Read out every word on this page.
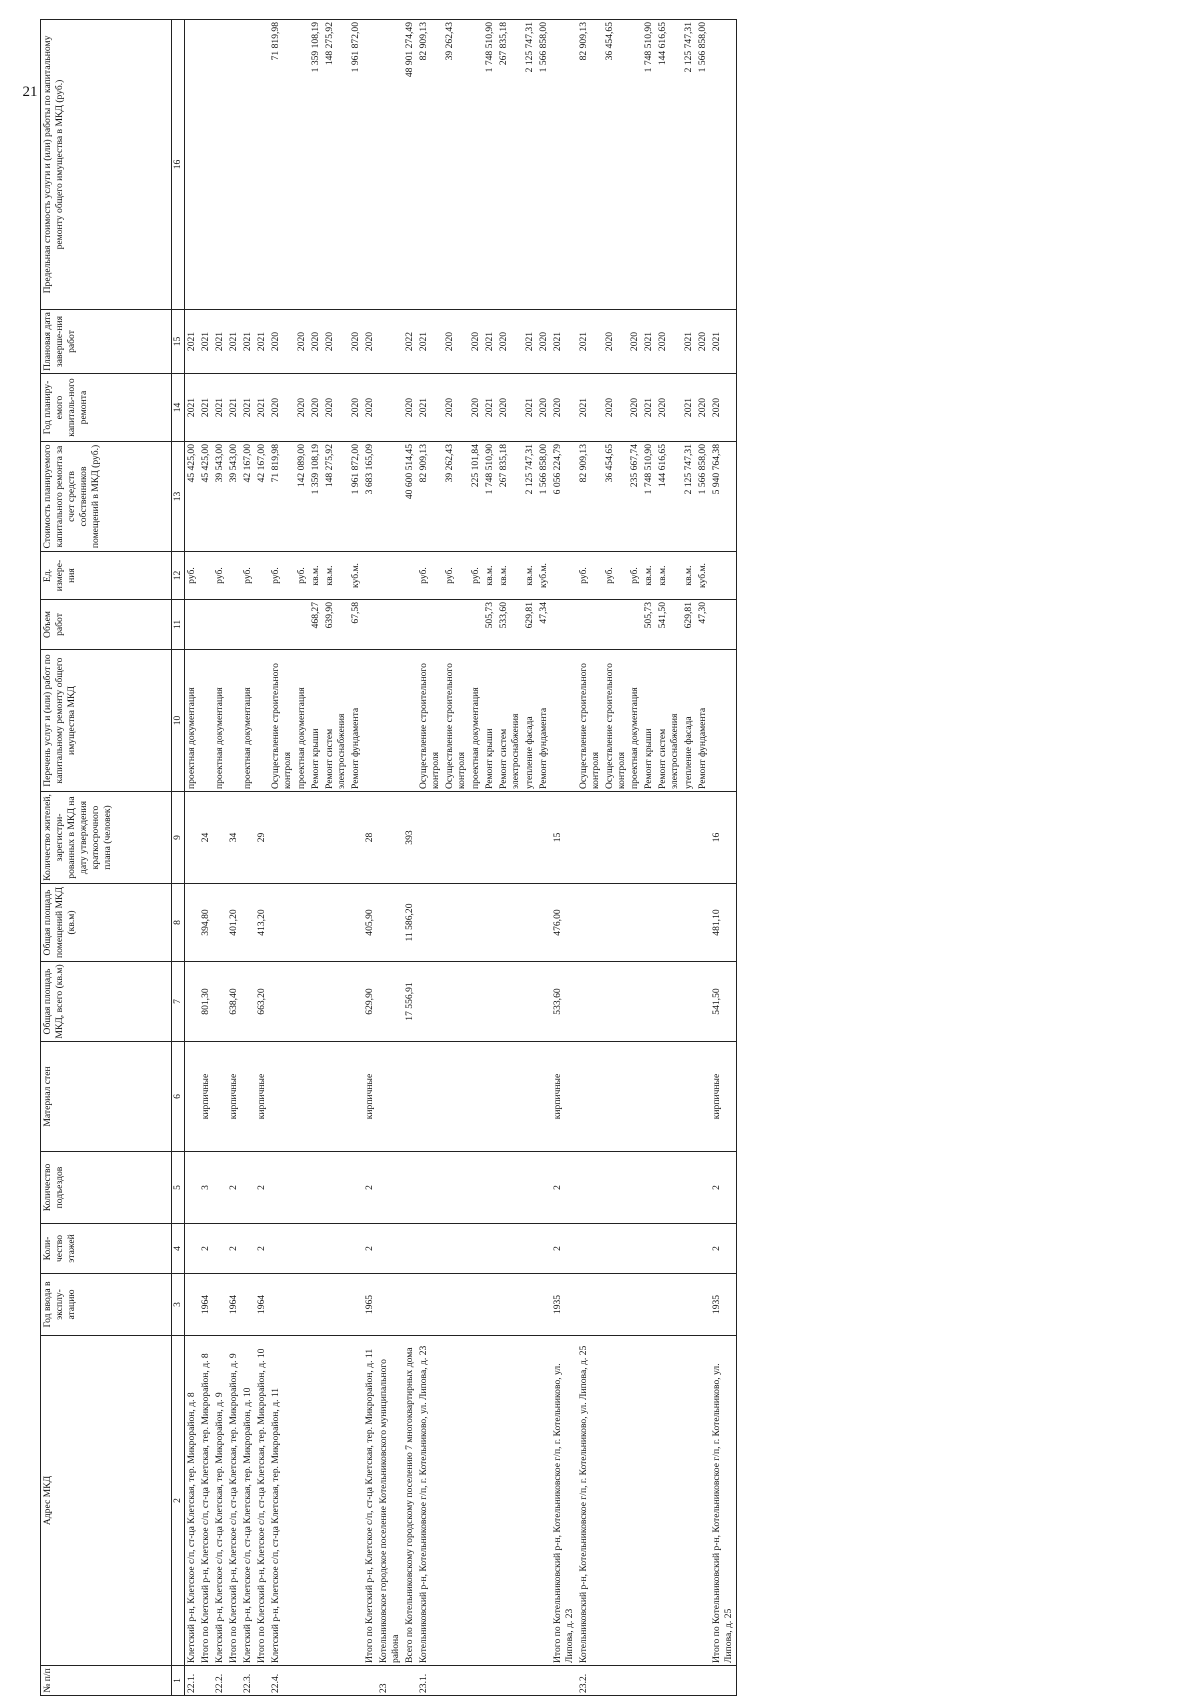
21
№ п/п	Адрес МКД	Год ввода в эксплу-атацию	Коли-чество этажей	Количество подъездов	Материал стен	Общая площадь МКД, всего (кв.м)	Общая площадь помещений МКД (кв.м)	Количество жителей, зарегистри-рованных в МКД на дату утверждения краткосрочного плана (человек)	Перечень услуг и (или) работ по капитальному ремонту общего имущества МКД	Объем работ	Ед. измере-ния	Стоимость планируемого капитального ремонта за счет средств собственников помещений в МКД (руб.)	Год планиру-емого капиталь-ного ремонта	Плановая дата заверше-ния работ	Предельная стоимость услуги и (или) работы по капитальному ремонту общего имущества в МКД (руб.)
1	2	3	4	5	6	7	8	9	10	11	12	13	14	15	16
22.1.	Клетский р-н, Клетское с/п, ст-ца Клетская, тер. Микрорайон, д. 8								проектная документация		руб.	45 425,00	2021	2021	
	Итого по Клетский р-н, Клетское с/п, ст-ца Клетская, тер. Микрорайон, д. 8	1964	2	3	кирпичные	801,30	394,80	24				45 425,00	2021	2021	
22.2.	Клетский р-н, Клетское с/п, ст-ца Клетская, тер. Микрорайон, д. 9								проектная документация		руб.	39 543,00	2021	2021	
	Итого по Клетский р-н, Клетское с/п, ст-ца Клетская, тер. Микрорайон, д. 9	1964	2	2	кирпичные	638,40	401,20	34				39 543,00	2021	2021	
22.3.	Клетский р-н, Клетское с/п, ст-ца Клетская, тер. Микрорайон, д. 10								проектная документация		руб.	42 167,00	2021	2021	
	Итого по Клетский р-н, Клетское с/п, ст-ца Клетская, тер. Микрорайон, д. 10	1964	2	2	кирпичные	663,20	413,20	29				42 167,00	2021	2021	
22.4.	Клетский р-н, Клетское с/п, ст-ца Клетская, тер. Микрорайон, д. 11								Осуществление строительного контроля		руб.	71 819,98	2020	2020	71 819,98
									проектная документация		руб.	142 089,00	2020	2020	
									Ремонт крыши	468,27	кв.м.	1 359 108,19	2020	2020	1 359 108,19
									Ремонт систем электроснабжения	639,90	кв.м.	148 275,92	2020	2020	148 275,92
									Ремонт фундамента	67,58	куб.м.	1 961 872,00	2020	2020	1 961 872,00
	Итого по Клетский р-н, Клетское с/п, ст-ца Клетская, тер. Микрорайон, д. 11	1965	2	2	кирпичные	629,90	405,90	28				3 683 165,09	2020	2020	
23	Котельниковское городское поселение Котельниковского муниципального района														
	Всего по Котельниковскому городскому поселению 7 многоквартирных дома					17 556,91	11 586,20	393				40 600 514,45	2020	2022	48 901 274,49
23.1.	Котельниковский р-н, Котельниковское г/п, г. Котельниково, ул. Липова, д. 23								Осуществление строительного контроля		руб.	82 909,13	2021	2021	82 909,13
									Осуществление строительного контроля		руб.	39 262,43	2020	2020	39 262,43
									проектная документация		руб.	225 101,84	2020	2020	
									Ремонт крыши	505,73	кв.м.	1 748 510,90	2021	2021	1 748 510,90
									Ремонт систем электроснабжения	533,60	кв.м.	267 835,18	2020	2020	267 835,18
									утепление фасада	629,81	кв.м.	2 125 747,31	2021	2021	2 125 747,31
									Ремонт фундамента	47,34	куб.м.	1 566 858,00	2020	2020	1 566 858,00
	Итого по Котельниковский р-н, Котельниковское г/п, г. Котельниково, ул. Липова, д. 23	1935	2	2	кирпичные	533,60	476,00	15				6 056 224,79	2020	2021	
23.2.	Котельниковский р-н, Котельниковское г/п, г. Котельниково, ул. Липова, д. 25								Осуществление строительного контроля		руб.	82 909,13	2021	2021	82 909,13
									Осуществление строительного контроля		руб.	36 454,65	2020	2020	36 454,65
									проектная документация		руб.	235 667,74	2020	2020	
									Ремонт крыши	505,73	кв.м.	1 748 510,90	2021	2021	1 748 510,90
									Ремонт систем электроснабжения	541,50	кв.м.	144 616,65	2020	2020	144 616,65
									утепление фасада	629,81	кв.м.	2 125 747,31	2021	2021	2 125 747,31
									Ремонт фундамента	47,30	куб.м.	1 566 858,00	2020	2020	1 566 858,00
	Итого по Котельниковский р-н, Котельниковское г/п, г. Котельниково, ул. Липова, д. 25	1935	2	2	кирпичные	541,50	481,10	16				5 940 764,38	2020	2021	
